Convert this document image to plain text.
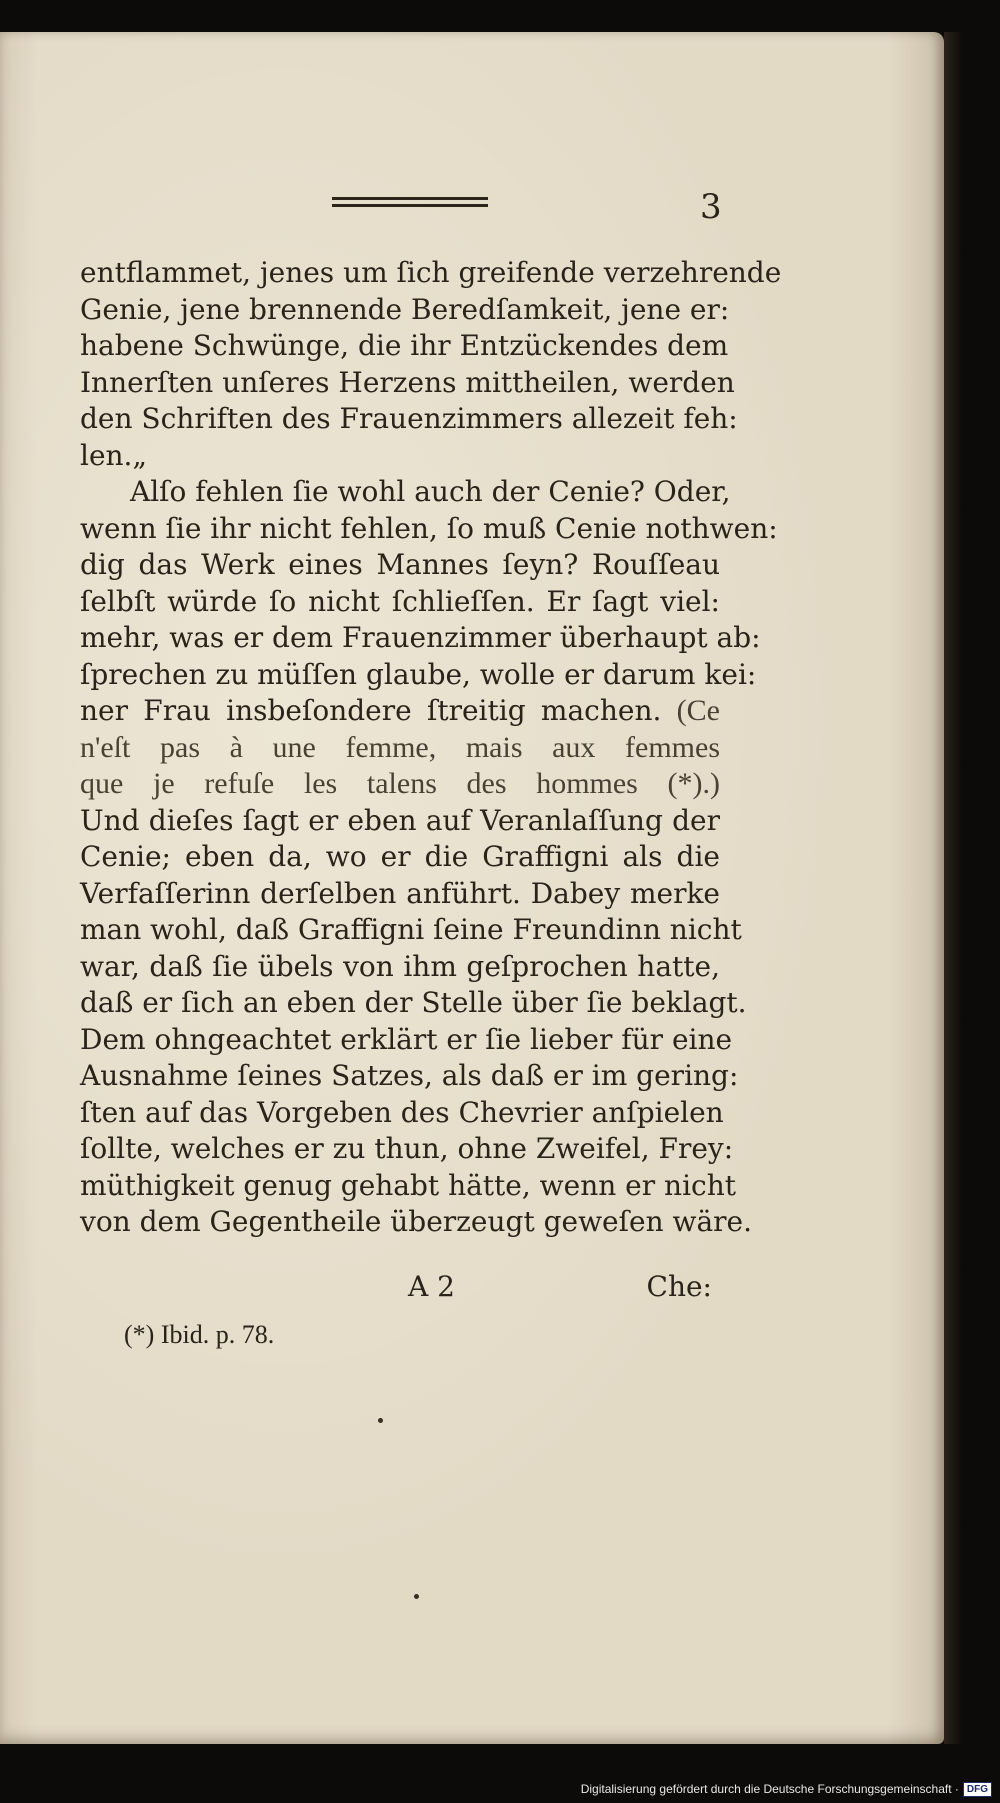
3
entflammet, jenes um ſich greifende verzehrende
Genie, jene brennende Beredſamkeit, jene er:
habene Schwünge, die ihr Entzückendes dem
Innerſten unſeres Herzens mittheilen, werden
den Schriften des Frauenzimmers allezeit feh:
len.„
Alſo fehlen ſie wohl auch der Cenie? Oder,
wenn ſie ihr nicht fehlen, ſo muß Cenie nothwen:
dig das Werk eines Mannes ſeyn? Rouſſeau
ſelbſt würde ſo nicht ſchlieſſen. Er ſagt viel:
mehr, was er dem Frauenzimmer überhaupt ab:
ſprechen zu müſſen glaube, wolle er darum kei:
ner Frau insbeſondere ſtreitig machen. (Ce
n'eſt pas à une femme, mais aux femmes
que je refuſe les talens des hommes (*).)
Und dieſes ſagt er eben auf Veranlaſſung der
Cenie; eben da, wo er die Graffigni als die
Verfaſſerinn derſelben anführt. Dabey merke
man wohl, daß Graffigni ſeine Freundinn nicht
war, daß ſie übels von ihm geſprochen hatte,
daß er ſich an eben der Stelle über ſie beklagt.
Dem ohngeachtet erklärt er ſie lieber für eine
Ausnahme ſeines Satzes, als daß er im gering:
ſten auf das Vorgeben des Chevrier anſpielen
ſollte, welches er zu thun, ohne Zweifel, Frey:
müthigkeit genug gehabt hätte, wenn er nicht
von dem Gegentheile überzeugt geweſen wäre.
A 2	Che:
(*) Ibid. p. 78.
Digitalisierung gefördert durch die Deutsche Forschungsgemeinschaft · DFG
